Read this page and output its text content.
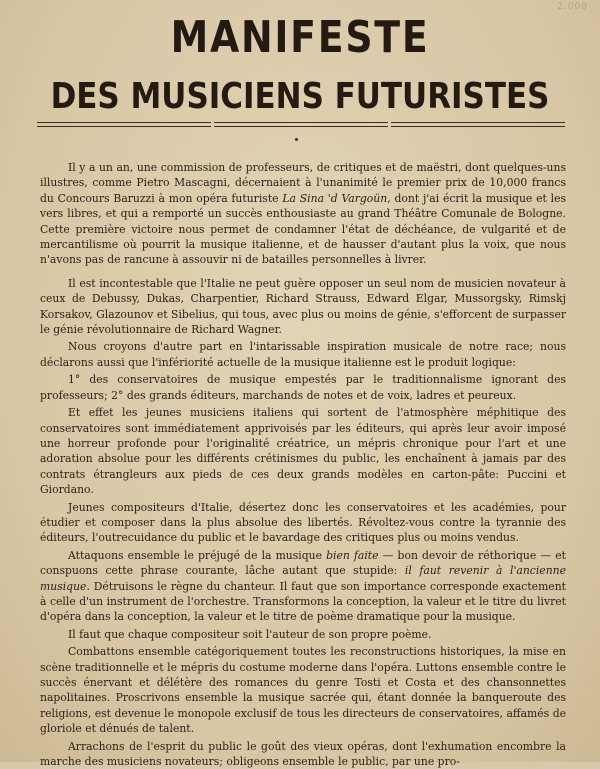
2.000
MANIFESTE
DES MUSICIENS FUTURISTES

Il y a un an, une commission de professeurs, de critiques et de maëstri, dont quelques-uns illustres, comme Pietro Mascagni, décernaient à l'unanimité le premier prix de 10,000 francs du Concours Baruzzi à mon opéra futuriste La Sina 'd Vargoün, dont j'ai écrit la musique et les vers libres, et qui a remporté un succès enthousiaste au grand Théâtre Comunale de Bologne. Cette première victoire nous permet de condamner l'état de déchéance, de vulgarité et de mercantilisme où pourrit la musique italienne, et de hausser d'autant plus la voix, que nous n'avons pas de rancune à assouvir ni de batailles personnelles à livrer.

Il est incontestable que l'Italie ne peut guère opposer un seul nom de musicien novateur à ceux de Debussy, Dukas, Charpentier, Richard Strauss, Edward Elgar, Mussorgsky, Rimskj Korsakov, Glazounov et Sibelius, qui tous, avec plus ou moins de génie, s'efforcent de surpasser le génie révolutionnaire de Richard Wagner.

Nous croyons d'autre part en l'intarissable inspiration musicale de notre race; nous déclarons aussi que l'infériorité actuelle de la musique italienne est le produit logique:

1° des conservatoires de musique empestés par le traditionnalisme ignorant des professeurs; 2° des grands éditeurs, marchands de notes et de voix, ladres et peureux.

Et effet les jeunes musiciens italiens qui sortent de l'atmosphère méphitique des conservatoires sont immédiatement apprivoisés par les éditeurs, qui après leur avoir imposé une horreur profonde pour l'originalité créatrice, un mépris chronique pour l'art et une adoration absolue pour les différents crétinismes du public, les enchaînent à jamais par des contrats étrangleurs aux pieds de ces deux grands modèles en carton-pâte: Puccini et Giordano.

Jeunes compositeurs d'Italie, désertez donc les conservatoires et les académies, pour étudier et composer dans la plus absolue des libertés. Révoltez-vous contre la tyrannie des éditeurs, l'outrecuidance du public et le bavardage des critiques plus ou moins vendus.

Attaquons ensemble le préjugé de la musique bien faite — bon devoir de réthorique — et conspuons cette phrase courante, lâche autant que stupide: il faut revenir à l'ancienne musique. Détruisons le règne du chanteur. Il faut que son importance corresponde exactement à celle d'un instrument de l'orchestre. Transformons la conception, la valeur et le titre du livret d'opéra dans la conception, la valeur et le titre de poème dramatique pour la musique.

Il faut que chaque compositeur soit l'auteur de son propre poème.

Combattons ensemble catégoriquement toutes les reconstructions historiques, la mise en scène traditionnelle et le mépris du costume moderne dans l'opéra. Luttons ensemble contre le succès énervant et délétère des romances du genre Tosti et Costa et des chansonnettes napolitaines. Proscrivons ensemble la musique sacrée qui, étant donnée la banqueroute des religions, est devenue le monopole exclusif de tous les directeurs de conservatoires, affamés de gloriole et dénués de talent.

Arrachons de l'esprit du public le goût des vieux opéras, dont l'exhumation encombre la marche des musiciens novateurs; obligeons ensemble le public, par une pro-
